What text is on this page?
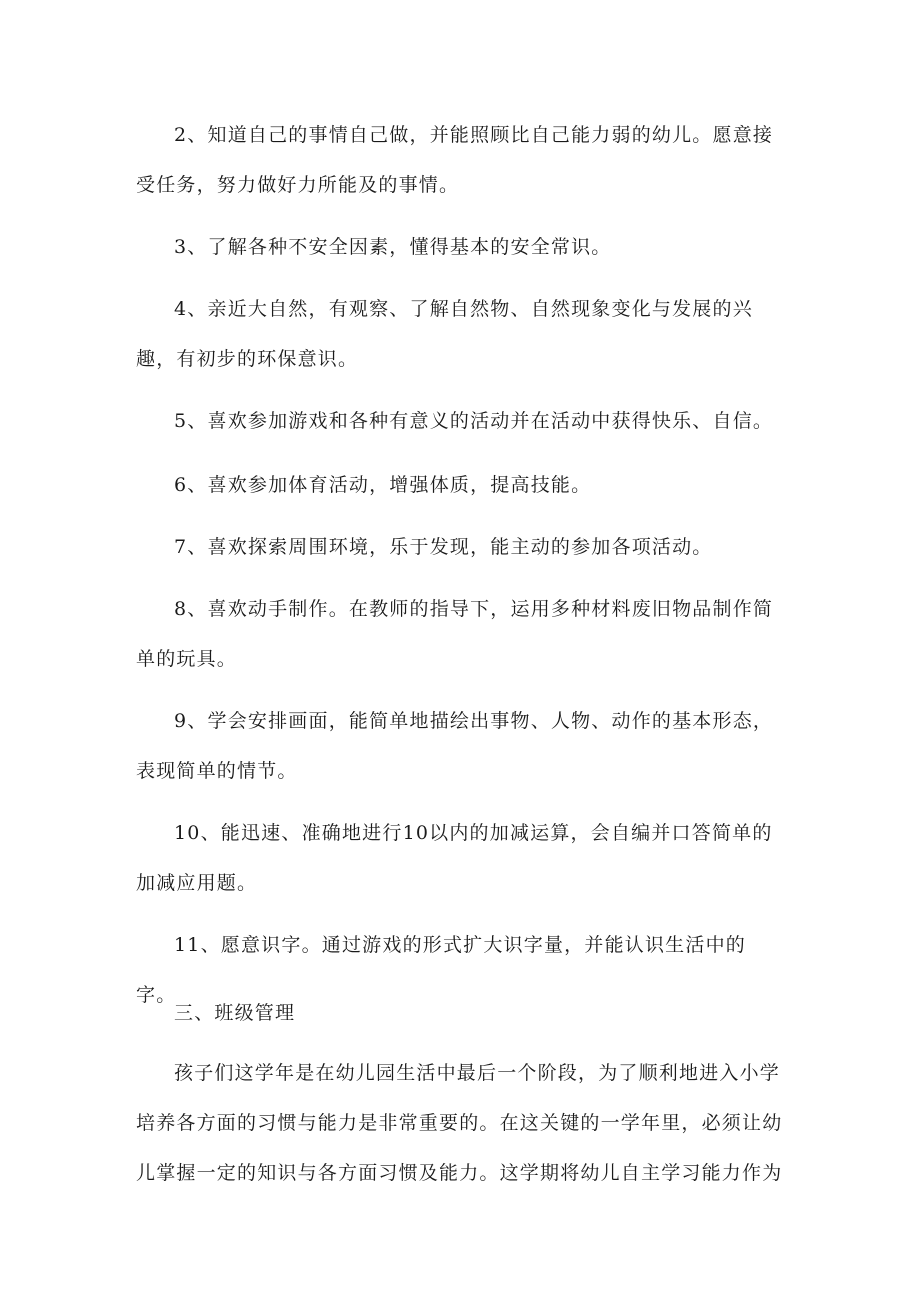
2、知道自己的事情自己做，并能照顾比自己能力弱的幼儿。愿意接受任务，努力做好力所能及的事情。

3、了解各种不安全因素，懂得基本的安全常识。

4、亲近大自然，有观察、了解自然物、自然现象变化与发展的兴趣，有初步的环保意识。

5、喜欢参加游戏和各种有意义的活动并在活动中获得快乐、自信。

6、喜欢参加体育活动，增强体质，提高技能。

7、喜欢探索周围环境，乐于发现，能主动的参加各项活动。

8、喜欢动手制作。在教师的指导下，运用多种材料废旧物品制作简单的玩具。

9、学会安排画面，能简单地描绘出事物、人物、动作的基本形态，表现简单的情节。

10、能迅速、准确地进行10以内的加减运算，会自编并口答简单的加减应用题。

11、愿意识字。通过游戏的形式扩大识字量，并能认识生活中的字。

三、班级管理

孩子们这学年是在幼儿园生活中最后一个阶段，为了顺利地进入小学培养各方面的习惯与能力是非常重要的。在这关键的一学年里，必须让幼儿掌握一定的知识与各方面习惯及能力。这学期将幼儿自主学习能力作为
